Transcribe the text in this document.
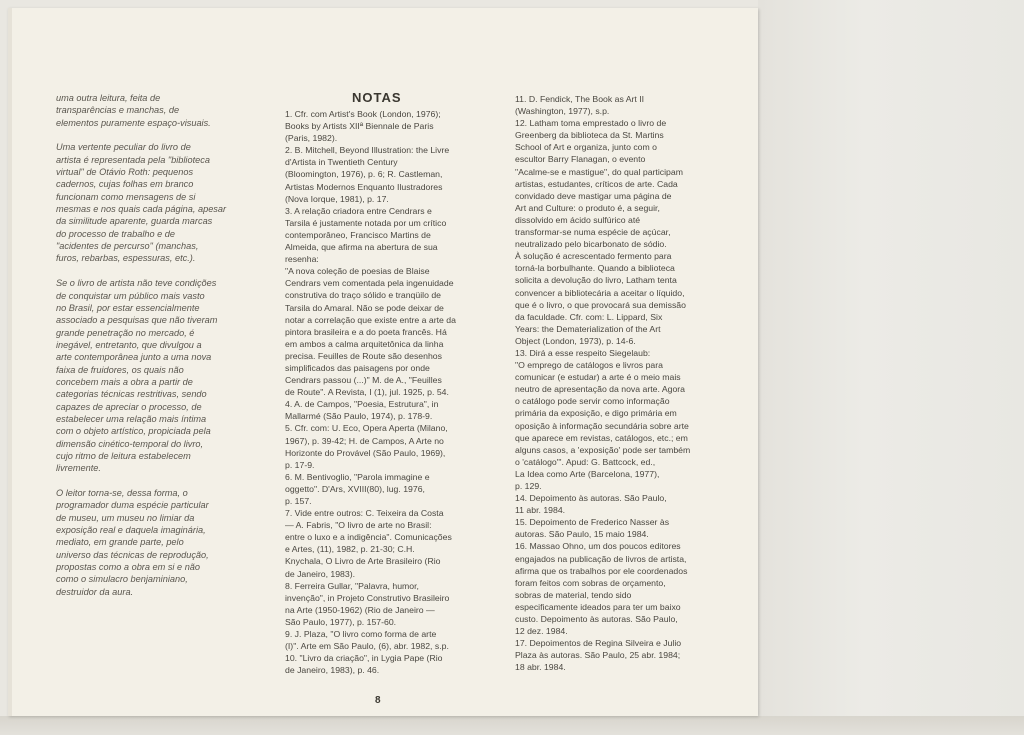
uma outra leitura, feita de
transparências e manchas, de
elementos puramente espaço-visuais.

Uma vertente peculiar do livro de
artista é representada pela "biblioteca
virtual" de Otávio Roth: pequenos
cadernos, cujas folhas em branco
funcionam como mensagens de si
mesmas e nos quais cada página, apesar
da similitude aparente, guarda marcas
do processo de trabalho e de
"acidentes de percurso" (manchas,
furos, rebarbas, espessuras, etc.).

Se o livro de artista não teve condições
de conquistar um público mais vasto
no Brasil, por estar essencialmente
associado a pesquisas que não tiveram
grande penetração no mercado, é
inegável, entretanto, que divulgou a
arte contemporânea junto a uma nova
faixa de fruidores, os quais não
concebem mais a obra a partir de
categorias técnicas restritivas, sendo
capazes de apreciar o processo, de
estabelecer uma relação mais íntima
com o objeto artístico, propiciada pela
dimensão cinético-temporal do livro,
cujo ritmo de leitura estabelecem
livremente.

O leitor torna-se, dessa forma, o
programador duma espécie particular
de museu, um museu no limiar da
exposição real e daquela imaginária,
mediato, em grande parte, pelo
universo das técnicas de reprodução,
propostas como a obra em si e não
como o simulacro benjaminiano,
destruidor da aura.

NOTAS

1. Cfr. com Artist's Book (London, 1976);
Books by Artists XIIª Biennale de Paris
(Paris, 1982).
2. B. Mitchell, Beyond Illustration: the Livre
d'Artista in Twentieth Century
(Bloomington, 1976), p. 6; R. Castleman,
Artistas Modernos Enquanto Ilustradores
(Nova Iorque, 1981), p. 17.
3. A relação criadora entre Cendrars e
Tarsila é justamente notada por um crítico
contemporâneo, Francisco Martins de
Almeida, que afirma na abertura de sua
resenha:
"A nova coleção de poesias de Blaise
Cendrars vem comentada pela ingenuidade
construtiva do traço sólido e tranqüilo de
Tarsila do Amaral. Não se pode deixar de
notar a correlação que existe entre a arte da
pintora brasileira e a do poeta francês. Há
em ambos a calma arquitetônica da linha
precisa. Feuilles de Route são desenhos
simplificados das paisagens por onde
Cendrars passou (...)" M. de A., "Feuilles
de Route". A Revista, I (1), jul. 1925, p. 54.
4. A. de Campos, "Poesia, Estrutura", in
Mallarmé (São Paulo, 1974), p. 178-9.
5. Cfr. com: U. Eco, Opera Aperta (Milano,
1967), p. 39-42; H. de Campos, A Arte no
Horizonte do Provável (São Paulo, 1969),
p. 17-9.
6. M. Bentivoglio, "Parola immagine e
oggetto". D'Ars, XVIII(80), lug. 1976,
p. 157.
7. Vide entre outros: C. Teixeira da Costa
— A. Fabris, "O livro de arte no Brasil:
entre o luxo e a indigência". Comunicações
e Artes, (11), 1982, p. 21-30; C.H.
Knychala, O Livro de Arte Brasileiro (Rio
de Janeiro, 1983).
8. Ferreira Gullar, "Palavra, humor,
invenção", in Projeto Construtivo Brasileiro
na Arte (1950-1962) (Rio de Janeiro —
São Paulo, 1977), p. 157-60.
9. J. Plaza, "O livro como forma de arte
(I)". Arte em São Paulo, (6), abr. 1982, s.p.
10. "Livro da criação", in Lygia Pape (Rio
de Janeiro, 1983), p. 46.

11. D. Fendick, The Book as Art II
(Washington, 1977), s.p.
12. Latham toma emprestado o livro de
Greenberg da biblioteca da St. Martins
School of Art e organiza, junto com o
escultor Barry Flanagan, o evento
"Acalme-se e mastigue", do qual participam
artistas, estudantes, críticos de arte. Cada
convidado deve mastigar uma página de
Art and Culture: o produto é, a seguir,
dissolvido em ácido sulfúrico até
transformar-se numa espécie de açúcar,
neutralizado pelo bicarbonato de sódio.
À solução é acrescentado fermento para
torná-la borbulhante. Quando a biblioteca
solicita a devolução do livro, Latham tenta
convencer a bibliotecária a aceitar o líquido,
que é o livro, o que provocará sua demissão
da faculdade. Cfr. com: L. Lippard, Six
Years: the Dematerialization of the Art
Object (London, 1973), p. 14-6.
13. Dirá a esse respeito Siegelaub:
"O emprego de catálogos e livros para
comunicar (e estudar) a arte é o meio mais
neutro de apresentação da nova arte. Agora
o catálogo pode servir como informação
primária da exposição, e digo primária em
oposição à informação secundária sobre arte
que aparece em revistas, catálogos, etc.; em
alguns casos, a 'exposição' pode ser também
o 'catálogo'". Apud: G. Battcock, ed.,
La Idea como Arte (Barcelona, 1977),
p. 129.
14. Depoimento às autoras. São Paulo,
11 abr. 1984.
15. Depoimento de Frederico Nasser às
autoras. São Paulo, 15 maio 1984.
16. Massao Ohno, um dos poucos editores
engajados na publicação de livros de artista,
afirma que os trabalhos por ele coordenados
foram feitos com sobras de orçamento,
sobras de material, tendo sido
especificamente ideados para ter um baixo
custo. Depoimento às autoras. São Paulo,
12 dez. 1984.
17. Depoimentos de Regina Silveira e Julio
Plaza às autoras. São Paulo, 25 abr. 1984;
18 abr. 1984.

8
